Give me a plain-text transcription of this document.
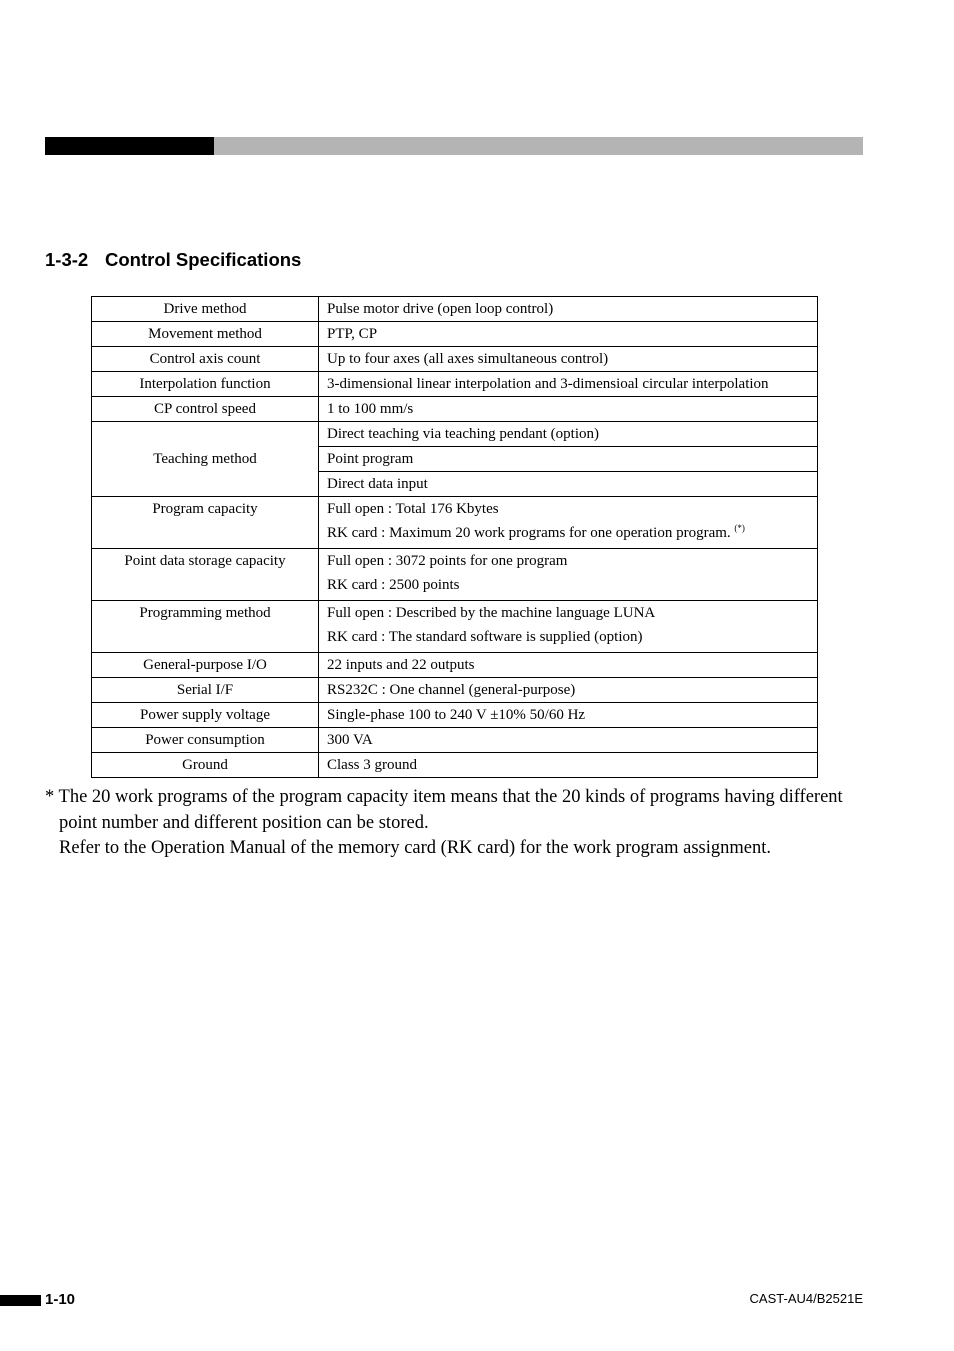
1-3-2 Control Specifications
Drive method	Pulse motor drive (open loop control)
Movement method	PTP, CP
Control axis count	Up to four axes (all axes simultaneous control)
Interpolation function	3-dimensional linear interpolation and 3-dimensioal circular interpolation
CP control speed	1 to 100 mm/s
Teaching method	Direct teaching via teaching pendant (option)
	Point program
	Direct data input
Program capacity	Full open : Total 176 Kbytes
RK card : Maximum 20 work programs for one operation program. (*)

Point data storage capacity	Full open : 3072 points for one program
RK card : 2500 points

Programming method	Full open : Described by the machine language LUNA
RK card : The standard software is supplied (option)

General-purpose I/O	22 inputs and 22 outputs
Serial I/F	RS232C : One channel (general-purpose)
Power supply voltage	Single-phase 100 to 240 V ±10% 50/60 Hz
Power consumption	300 VA
Ground	Class 3 ground
* The 20 work programs of the program capacity item means that the 20 kinds of programs having different
point number and different position can be stored.
Refer to the Operation Manual of the memory card (RK card) for the work program assignment.
1-10	CAST-AU4/B2521E
